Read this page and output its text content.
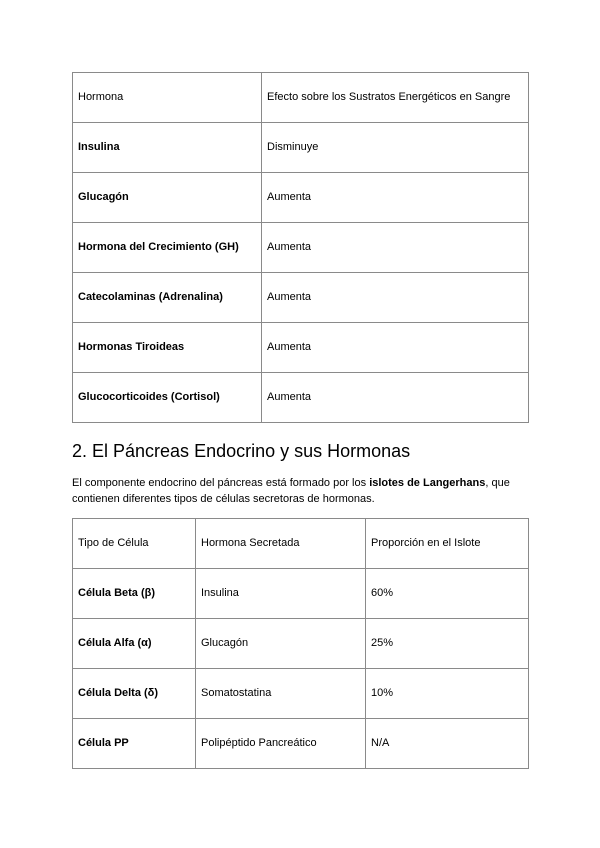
Hormona	Efecto sobre los Sustratos Energéticos en Sangre
Insulina	Disminuye
Glucagón	Aumenta
Hormona del Crecimiento (GH)	Aumenta
Catecolaminas (Adrenalina)	Aumenta
Hormonas Tiroideas	Aumenta
Glucocorticoides (Cortisol)	Aumenta
2. El Páncreas Endocrino y sus Hormonas

El componente endocrino del páncreas está formado por los islotes de Langerhans, que contienen diferentes tipos de células secretoras de hormonas.

Tipo de Célula	Hormona Secretada	Proporción en el Islote
Célula Beta (β)	Insulina	60%
Célula Alfa (α)	Glucagón	25%
Célula Delta (δ)	Somatostatina	10%
Célula PP	Polipéptido Pancreático	N/A
